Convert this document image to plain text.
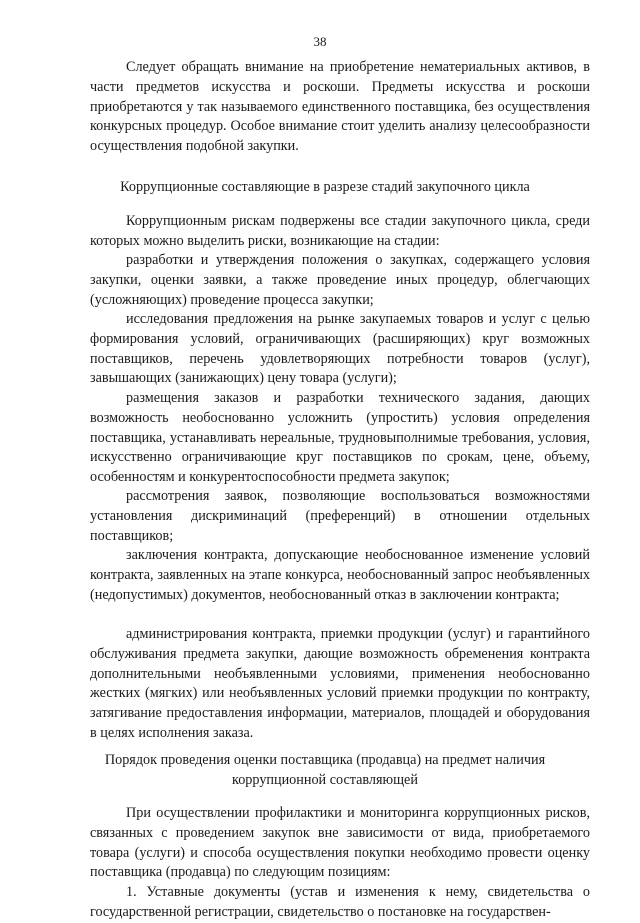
38

Следует обращать внимание на приобретение нематериальных активов, в части предметов искусства и роскоши. Предметы искусства и роскоши приобретаются у так называемого единственного поставщика, без осуществления конкурсных процедур. Особое внимание стоит уделить анализу целесообразности осуществления подобной закупки.

Коррупционные составляющие в разрезе стадий закупочного цикла

Коррупционным рискам подвержены все стадии закупочного цикла, среди которых можно выделить риски, возникающие на стадии:

разработки и утверждения положения о закупках, содержащего условия закупки, оценки заявки, а также проведение иных процедур, облегчающих (усложняющих) проведение процесса закупки;

исследования предложения на рынке закупаемых товаров и услуг с целью формирования условий, ограничивающих (расширяющих) круг возможных поставщиков, перечень удовлетворяющих потребности товаров (услуг), завышающих (занижающих) цену товара (услуги);

размещения заказов и разработки технического задания, дающих возможность необоснованно усложнить (упростить) условия определения поставщика, устанавливать нереальные, трудновыполнимые требования, условия, искусственно ограничивающие круг поставщиков по срокам, цене, объему, особенностям и конкурентоспособности предмета закупок;

рассмотрения заявок, позволяющие воспользоваться возможностями установления дискриминаций (преференций) в отношении отдельных поставщиков;

заключения контракта, допускающие необоснованное изменение условий контракта, заявленных на этапе конкурса, необоснованный запрос необъявленных (недопустимых) документов, необоснованный отказ в заключении контракта;

администрирования контракта, приемки продукции (услуг) и гарантийного обслуживания предмета закупки, дающие возможность обременения контракта дополнительными необъявленными условиями, применения необоснованно жестких (мягких) или необъявленных условий приемки продукции по контракту, затягивание предоставления информации, материалов, площадей и оборудования в целях исполнения заказа.

Порядок проведения оценки поставщика (продавца) на предмет наличия коррупционной составляющей

При осуществлении профилактики и мониторинга коррупционных рисков, связанных с проведением закупок вне зависимости от вида, приобретаемого товара (услуги) и способа осуществления покупки необходимо провести оценку поставщика (продавца) по следующим позициям:

1. Уставные документы (устав и изменения к нему, свидетельства о государственной регистрации, свидетельство о постановке на государствен-
